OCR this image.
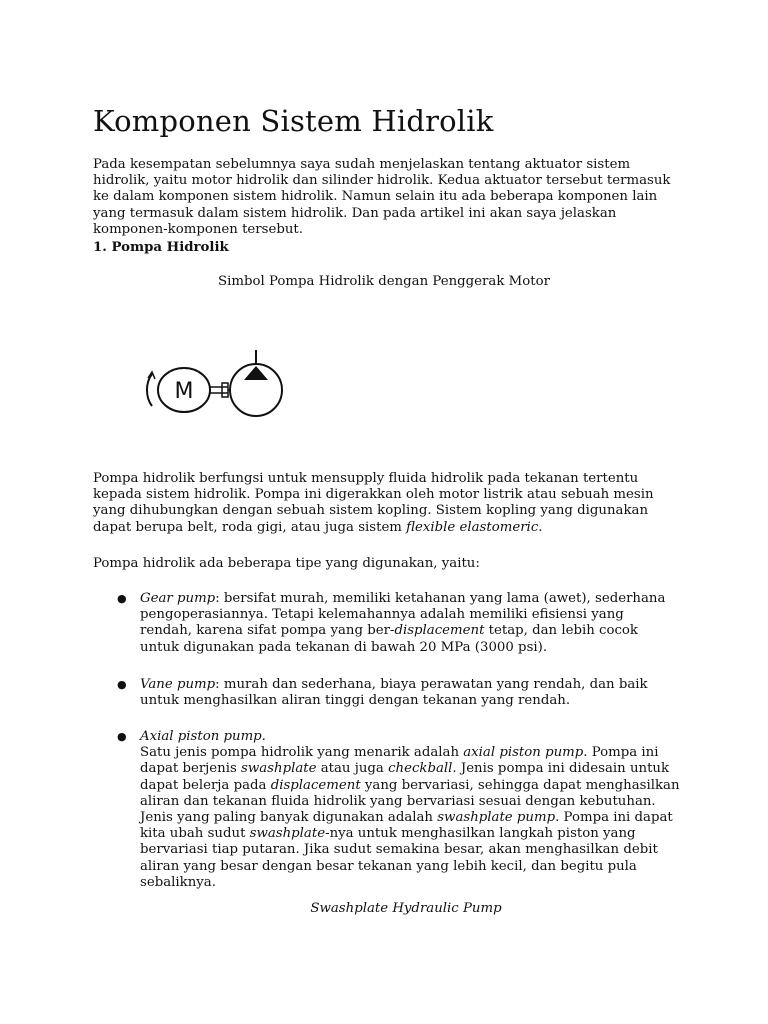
Komponen Sistem Hidrolik

Pada kesempatan sebelumnya saya sudah menjelaskan tentang aktuator sistem hidrolik, yaitu motor hidrolik dan silinder hidrolik. Kedua aktuator tersebut termasuk ke dalam komponen sistem hidrolik. Namun selain itu ada beberapa komponen lain yang termasuk dalam sistem hidrolik. Dan pada artikel ini akan saya jelaskan komponen-komponen tersebut.

1. Pompa Hidrolik

Simbol Pompa Hidrolik dengan Penggerak Motor

M

Pompa hidrolik berfungsi untuk mensupply fluida hidrolik pada tekanan tertentu kepada sistem hidrolik. Pompa ini digerakkan oleh motor listrik atau sebuah mesin yang dihubungkan dengan sebuah sistem kopling. Sistem kopling yang digunakan dapat berupa belt, roda gigi, atau juga sistem flexible elastomeric.

Pompa hidrolik ada beberapa tipe yang digunakan, yaitu:

● Gear pump: bersifat murah, memiliki ketahanan yang lama (awet), sederhana pengoperasiannya. Tetapi kelemahannya adalah memiliki efisiensi yang rendah, karena sifat pompa yang ber-displacement tetap, dan lebih cocok untuk digunakan pada tekanan di bawah 20 MPa (3000 psi).

● Vane pump: murah dan sederhana, biaya perawatan yang rendah, dan baik untuk menghasilkan aliran tinggi dengan tekanan yang rendah.

● Axial piston pump.
Satu jenis pompa hidrolik yang menarik adalah axial piston pump. Pompa ini dapat berjenis swashplate atau juga checkball. Jenis pompa ini didesain untuk dapat belerja pada displacement yang bervariasi, sehingga dapat menghasilkan aliran dan tekanan fluida hidrolik yang bervariasi sesuai dengan kebutuhan. Jenis yang paling banyak digunakan adalah swashplate pump. Pompa ini dapat kita ubah sudut swashplate-nya untuk menghasilkan langkah piston yang bervariasi tiap putaran. Jika sudut semakina besar, akan menghasilkan debit aliran yang besar dengan besar tekanan yang lebih kecil, dan begitu pula sebaliknya.

Swashplate Hydraulic Pump
